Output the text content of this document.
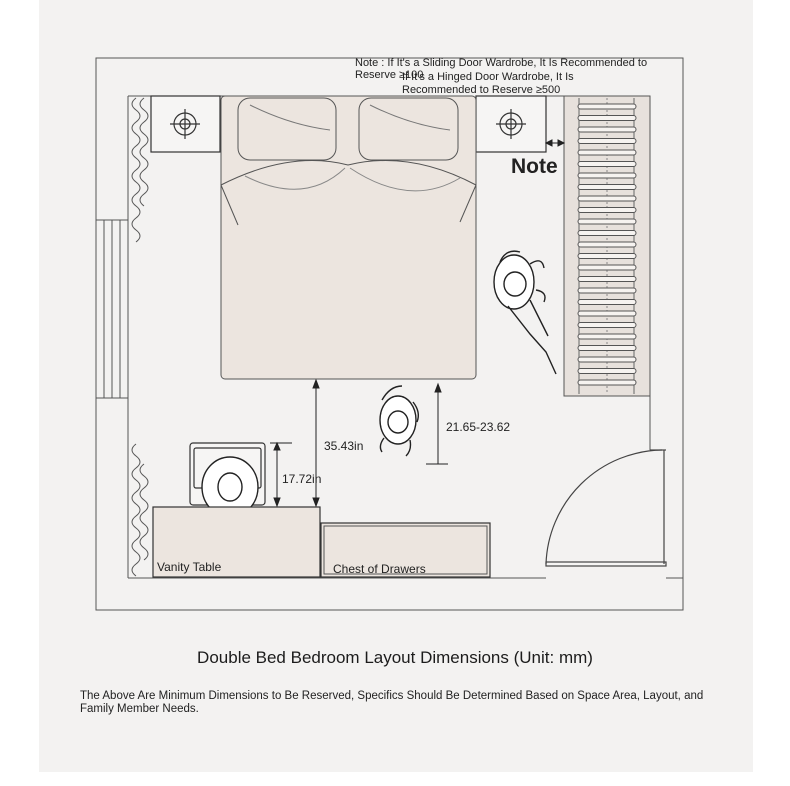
Note : If It's a Sliding Door Wardrobe, It Is Recommended to Reserve ≥100
If It's a Hinged Door Wardrobe, It Is Recommended to Reserve ≥500
Note
35.43in
17.72in
21.65-23.62
Vanity Table	Chest of Drawers
Double Bed Bedroom Layout Dimensions (Unit: mm)
The Above Are Minimum Dimensions to Be Reserved, Specifics Should Be Determined Based on Space Area, Layout, and Family Member Needs.
